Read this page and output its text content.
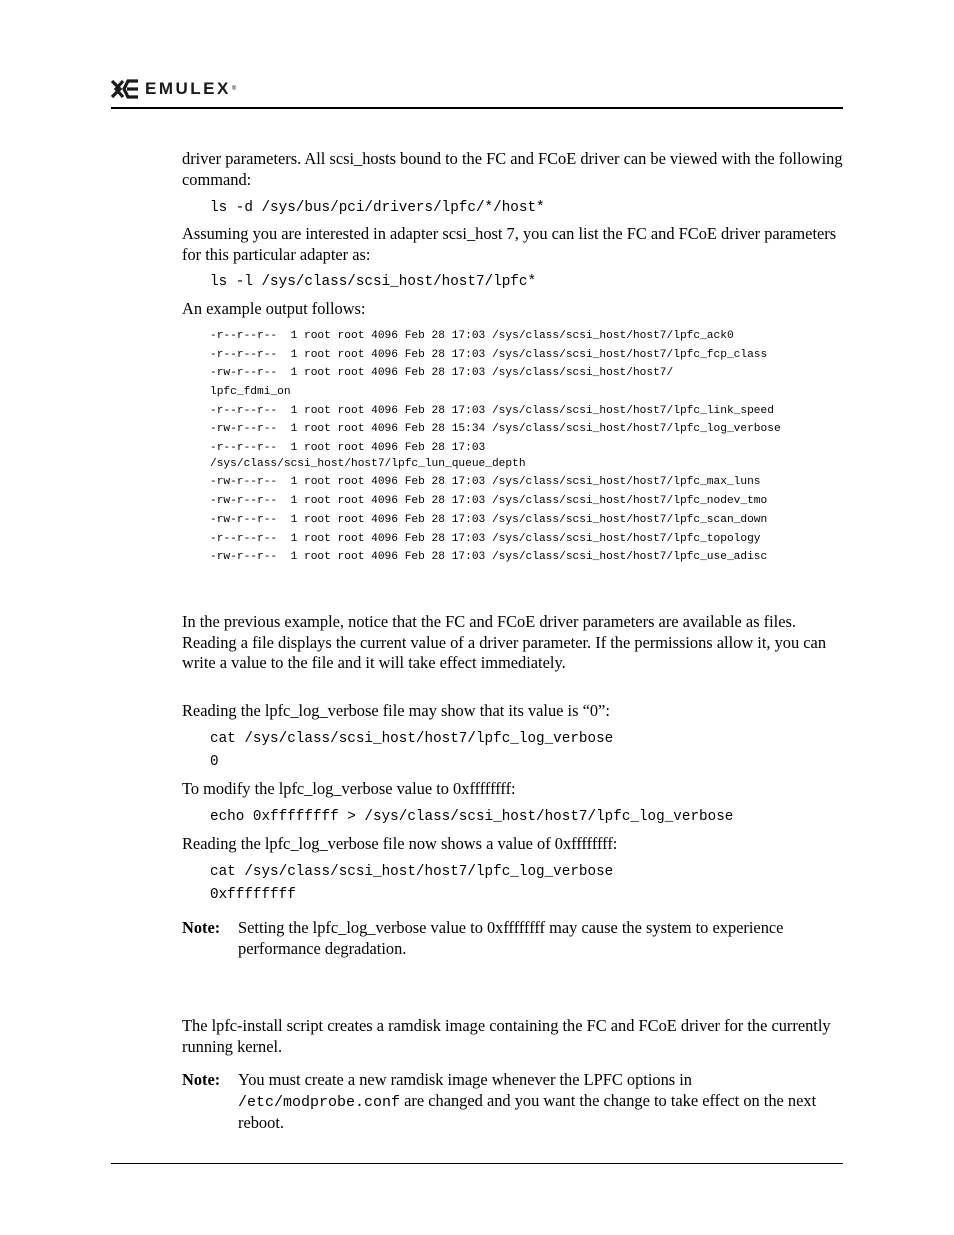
EMULEX ®

driver parameters. All scsi_hosts bound to the FC and FCoE driver can be viewed with the following command:

ls -d /sys/bus/pci/drivers/lpfc/*/host*

Assuming you are interested in adapter scsi_host 7, you can list the FC and FCoE driver parameters for this particular adapter as:

ls -l /sys/class/scsi_host/host7/lpfc*

An example output follows:

-r--r--r--  1 root root 4096 Feb 28 17:03 /sys/class/scsi_host/host7/lpfc_ack0
-r--r--r--  1 root root 4096 Feb 28 17:03 /sys/class/scsi_host/host7/lpfc_fcp_class
-rw-r--r--  1 root root 4096 Feb 28 17:03 /sys/class/scsi_host/host7/
lpfc_fdmi_on
-r--r--r--  1 root root 4096 Feb 28 17:03 /sys/class/scsi_host/host7/lpfc_link_speed
-rw-r--r--  1 root root 4096 Feb 28 15:34 /sys/class/scsi_host/host7/lpfc_log_verbose
-r--r--r--  1 root root 4096 Feb 28 17:03
/sys/class/scsi_host/host7/lpfc_lun_queue_depth
-rw-r--r--  1 root root 4096 Feb 28 17:03 /sys/class/scsi_host/host7/lpfc_max_luns
-rw-r--r--  1 root root 4096 Feb 28 17:03 /sys/class/scsi_host/host7/lpfc_nodev_tmo
-rw-r--r--  1 root root 4096 Feb 28 17:03 /sys/class/scsi_host/host7/lpfc_scan_down
-r--r--r--  1 root root 4096 Feb 28 17:03 /sys/class/scsi_host/host7/lpfc_topology
-rw-r--r--  1 root root 4096 Feb 28 17:03 /sys/class/scsi_host/host7/lpfc_use_adisc

In the previous example, notice that the FC and FCoE driver parameters are available as files. Reading a file displays the current value of a driver parameter. If the permissions allow it, you can write a value to the file and it will take effect immediately.

Reading the lpfc_log_verbose file may show that its value is “0”:

cat /sys/class/scsi_host/host7/lpfc_log_verbose
0

To modify the lpfc_log_verbose value to 0xffffffff:

echo 0xffffffff > /sys/class/scsi_host/host7/lpfc_log_verbose

Reading the lpfc_log_verbose file now shows a value of 0xffffffff:

cat /sys/class/scsi_host/host7/lpfc_log_verbose
0xffffffff
Note:	Setting the lpfc_log_verbose value to 0xffffffff may cause the system to experience performance degradation.

The lpfc-install script creates a ramdisk image containing the FC and FCoE driver for the currently running kernel.

Note:	You must create a new ramdisk image whenever the LPFC options in /etc/modprobe.conf are changed and you want the change to take effect on the next reboot.
